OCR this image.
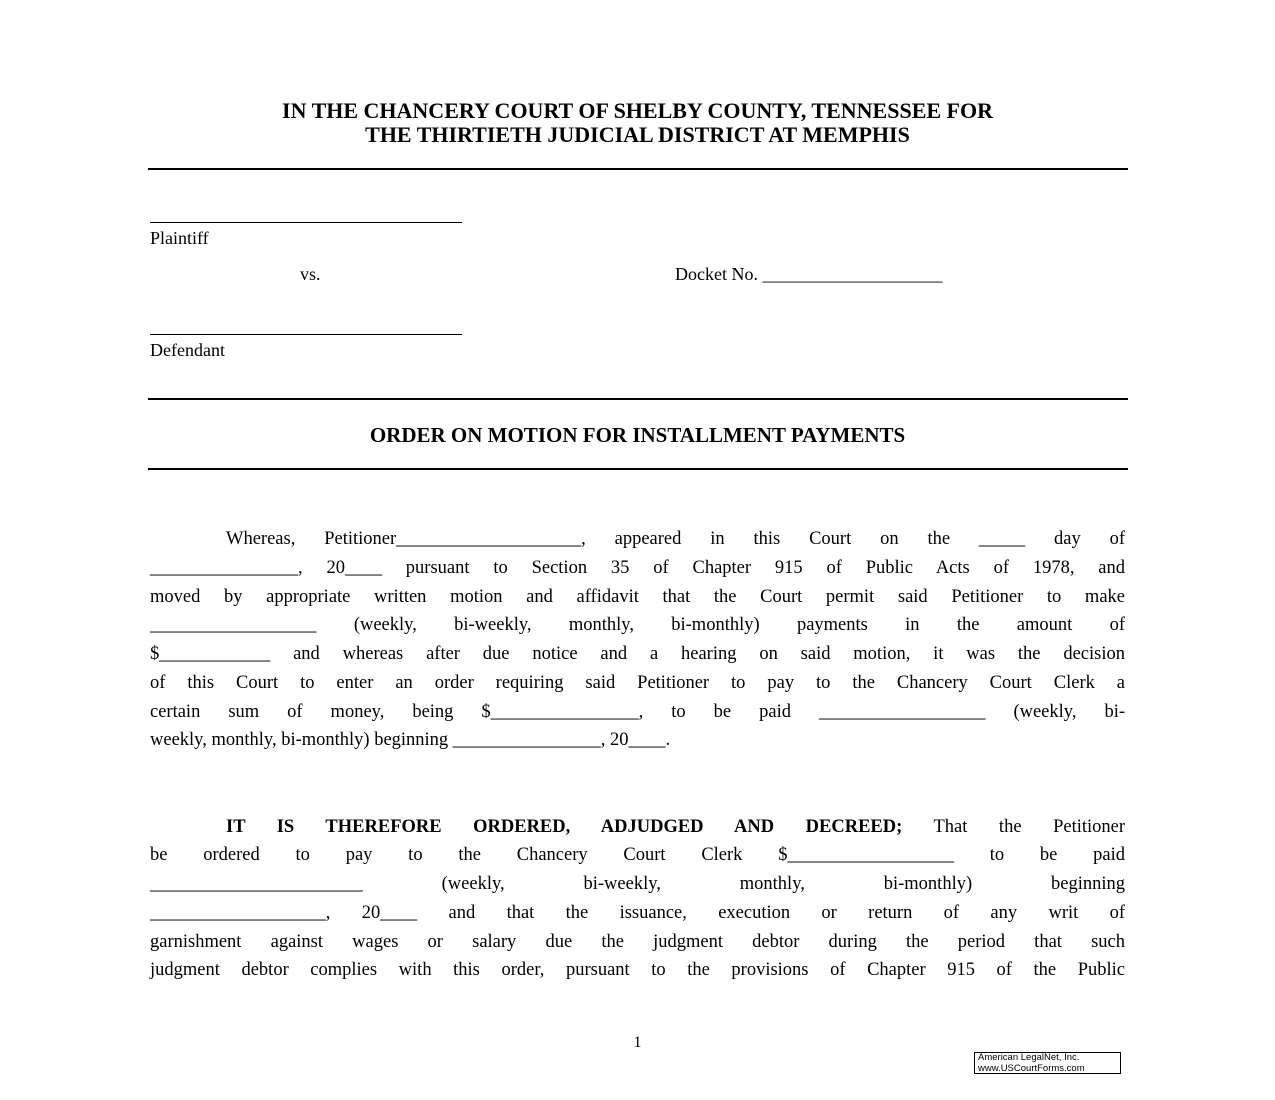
IN THE CHANCERY COURT OF SHELBY COUNTY, TENNESSEE FOR
THE THIRTIETH JUDICIAL DISTRICT AT MEMPHIS
Plaintiff
vs.	Docket No. ____________________
Defendant
ORDER ON MOTION FOR INSTALLMENT PAYMENTS
Whereas, Petitioner____________________, appeared in this Court on the _____ day of
________________, 20____ pursuant to Section 35 of Chapter 915 of Public Acts of 1978, and
moved by appropriate written motion and affidavit that the Court permit said Petitioner to make
__________________ (weekly, bi-weekly, monthly, bi-monthly) payments in the amount of
$____________ and whereas after due notice and a hearing on said motion, it was the decision
of this Court to enter an order requiring said Petitioner to pay to the Chancery Court Clerk a
certain sum of money, being $________________, to be paid __________________ (weekly, bi-
weekly, monthly, bi-monthly) beginning ________________, 20____.
IT IS THEREFORE ORDERED, ADJUDGED AND DECREED; That the Petitioner
be ordered to pay to the Chancery Court Clerk $__________________ to be paid
_______________________ (weekly, bi-weekly, monthly, bi-monthly) beginning
___________________, 20____ and that the issuance, execution or return of any writ of
garnishment against wages or salary due the judgment debtor during the period that such
judgment debtor complies with this order, pursuant to the provisions of Chapter 915 of the Public
1
American LegalNet, Inc.
www.USCourtForms.com
